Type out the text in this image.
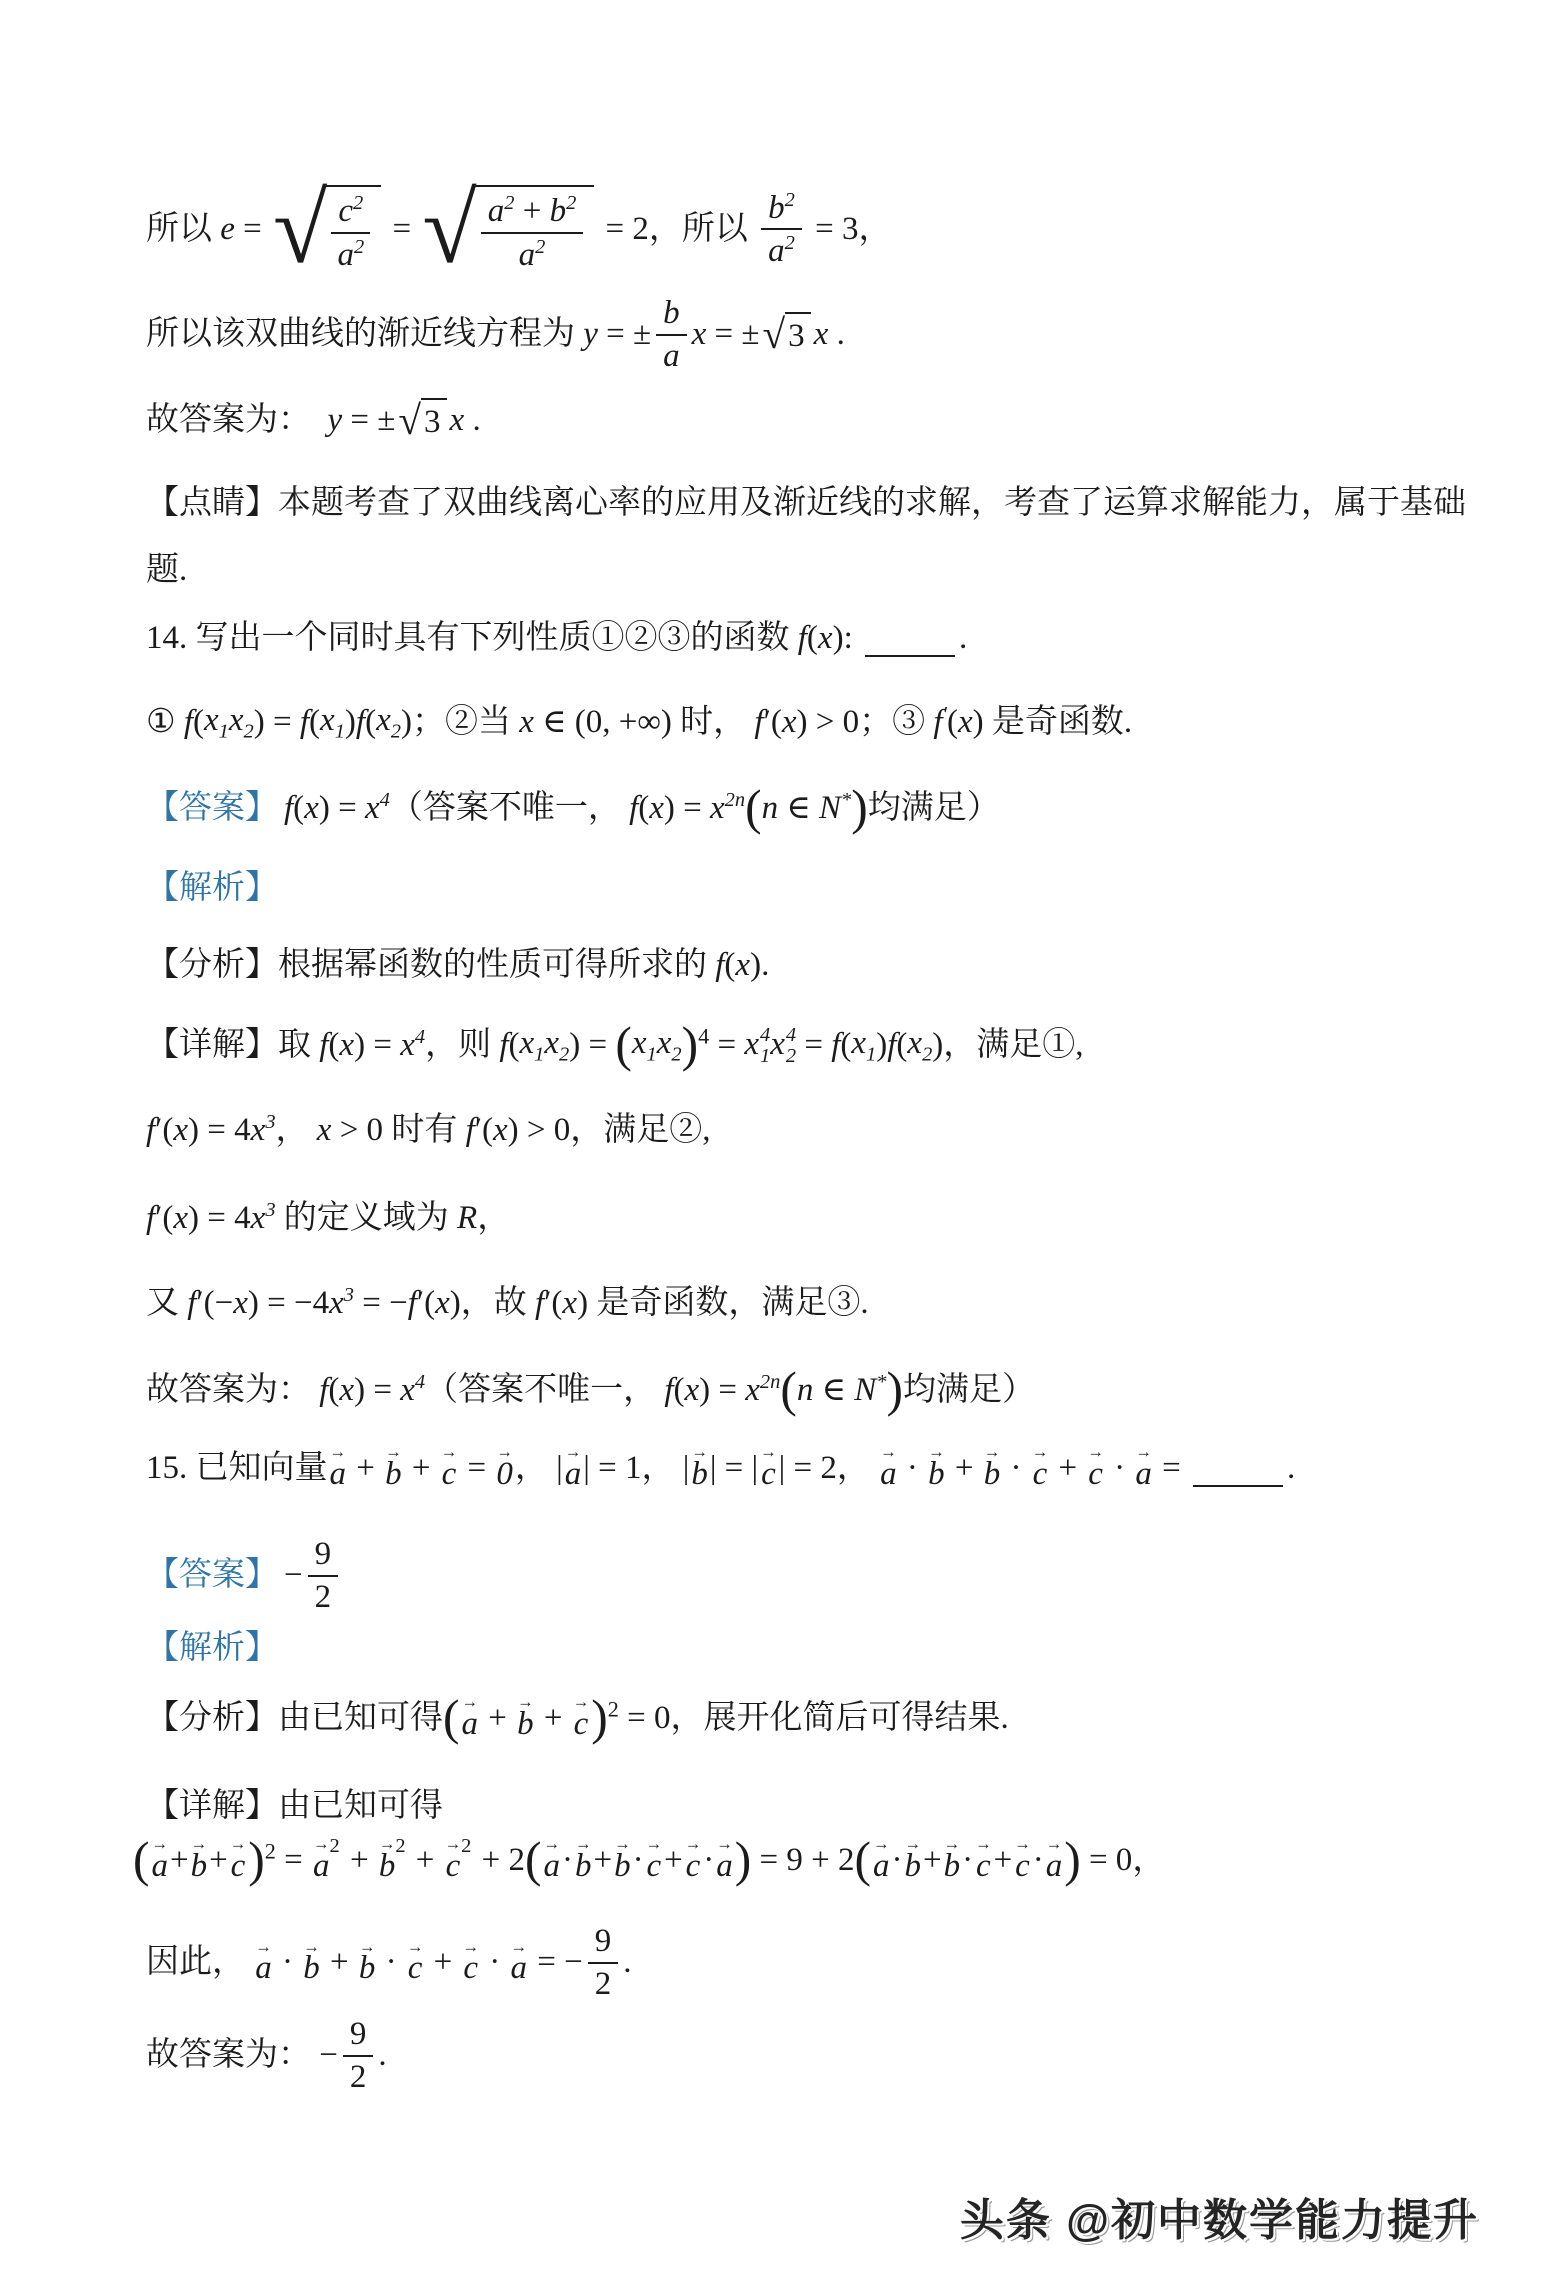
所以 e = √ $\frac{c^2}{a^2}$ = √ $\frac{a^2 + b^2}{a^2} = 2$ ，所以 $\frac{b^2}{a^2} = 3$ ，
所以该双曲线的渐近线方程为 y = ± $\frac{b}{a}$ x = ± √ 3 x .
故答案为： y = ± √ 3 x .
【点睛】本题考查了双曲线离心率的应用及渐近线的求解，考查了运算求解能力，属于基础
题.
14. 写出一个同时具有下列性质①②③的函数 f ( x ) :	.
① f ( $x_1$ $x_2$ ) = f ( $x_1$ ) f ( $x_2$ ) ；②当 x ∈ (0, +∞) 时， f ′( x ) > 0 ；③ f′ ( x ) 是奇函数.
【答案】 f ( x ) = $x^4$ （答案不唯一， f ( x ) = $x^{2n}$ ( n ∈ N* ) 均满足）
【解析】
【分析】根据幂函数的性质可得所求的 f ( x ) .
【详解】取 f ( x ) = $x^4$ ，则 f ( $x_1$ $x_2$ ) = ( $x_1$ $x_2$ )$^4$ = x 4
1 x 4
2 = f ( $x_1$ ) f ( $x_2$ ) ，满足①,
f ′( x ) = 4 $x^3$ ， x > 0 时有 f ′( x ) > 0 ，满足②,
f ′( x ) = 4 $x^3$ 的定义域为 R ，
又 f ′(− x ) = −4 $x^3$ = − f ′( x ) ，故 f ′( x ) 是奇函数，满足③.
故答案为： f ( x ) = $x^4$ （答案不唯一， f ( x ) = $x^{2n}$ ( n ∈ N* ) 均满足）
15. 已知向量 →
a + →
b + →
c = →
0 ， | →
a | = 1 ， | →
b | = | →
c | = 2 ， →
a · →
b + →
b · →
c + →
c · →
a =	.
【答案】 − $\frac{9}{2}$
【解析】
【分析】由已知可得 ( →
a + →
b + →
c )$^2$ = 0 ，展开化简后可得结果.
【详解】由已知可得
( →
a + →
b + →
c )$^2$ = →
a
$^2$ + →
b
$^2$ + →
c
$^2$ + 2 ( →
a · →
b + →
b · →
c + →
c · →
a ) = 9 + 2 ( →
a · →
b + →
b · →
c + →
c · →
a ) = 0 ，
因此， →
a · →
b + →
b · →
c + →
c · →
a = − $\frac{9}{2}$ .
故答案为： − $\frac{9}{2}$ .
头条 @初中数学能力提升
